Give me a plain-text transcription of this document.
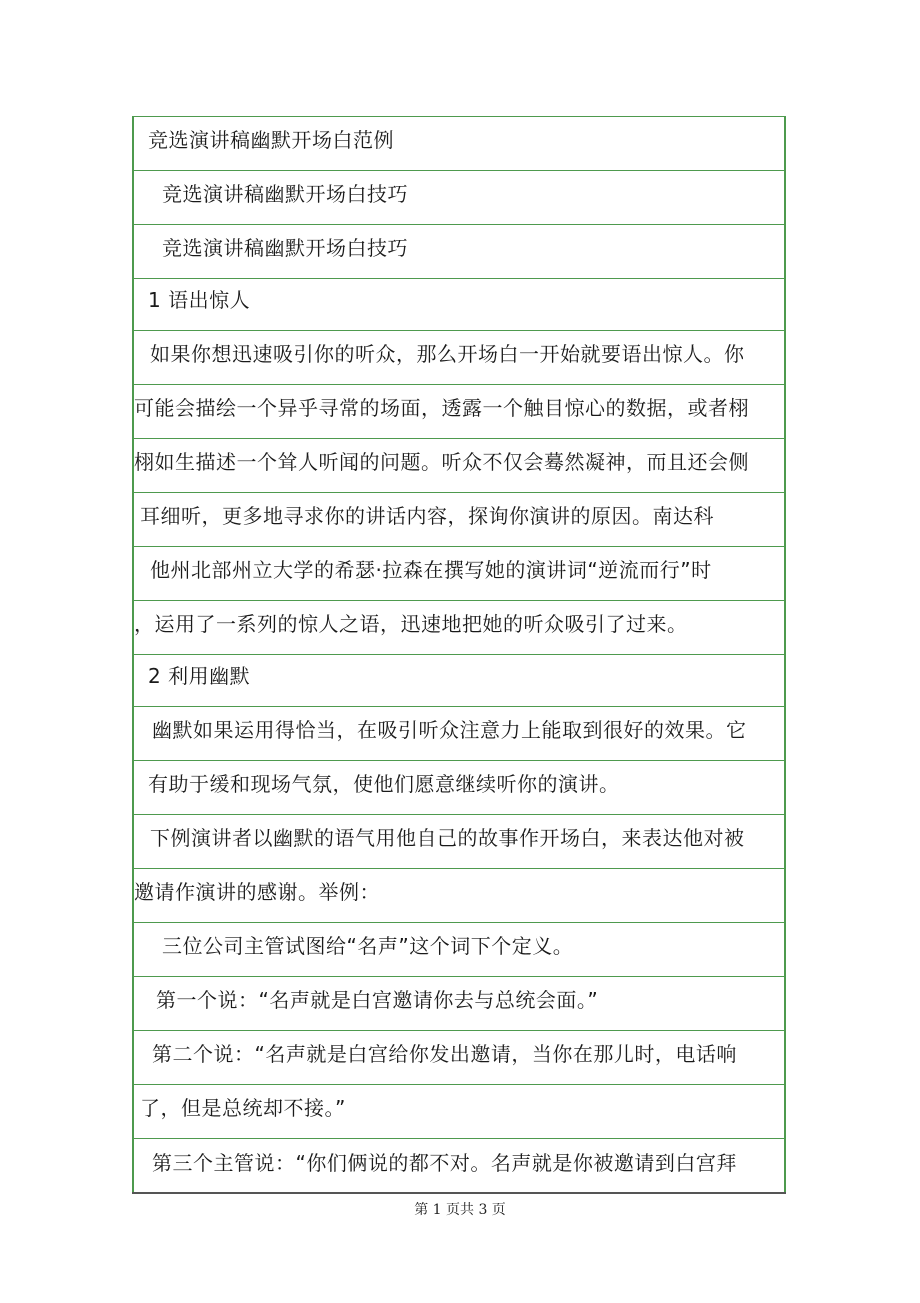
竞选演讲稿幽默开场白范例
竞选演讲稿幽默开场白技巧
竞选演讲稿幽默开场白技巧
1 语出惊人
如果你想迅速吸引你的听众，那么开场白一开始就要语出惊人。你
可能会描绘一个异乎寻常的场面，透露一个触目惊心的数据，或者栩
栩如生描述一个耸人听闻的问题。听众不仅会蓦然凝神，而且还会侧
耳细听，更多地寻求你的讲话内容，探询你演讲的原因。南达科
他州北部州立大学的希瑟·拉森在撰写她的演讲词“逆流而行”时
，运用了一系列的惊人之语，迅速地把她的听众吸引了过来。
2 利用幽默
幽默如果运用得恰当，在吸引听众注意力上能取到很好的效果。它
有助于缓和现场气氛，使他们愿意继续听你的演讲。
下例演讲者以幽默的语气用他自己的故事作开场白，来表达他对被
邀请作演讲的感谢。举例：
三位公司主管试图给“名声”这个词下个定义。
第一个说：“名声就是白宫邀请你去与总统会面。”
第二个说：“名声就是白宫给你发出邀请，当你在那儿时，电话响
了，但是总统却不接。”
第三个主管说：“你们俩说的都不对。名声就是你被邀请到白宫拜
第 1 页共 3 页
